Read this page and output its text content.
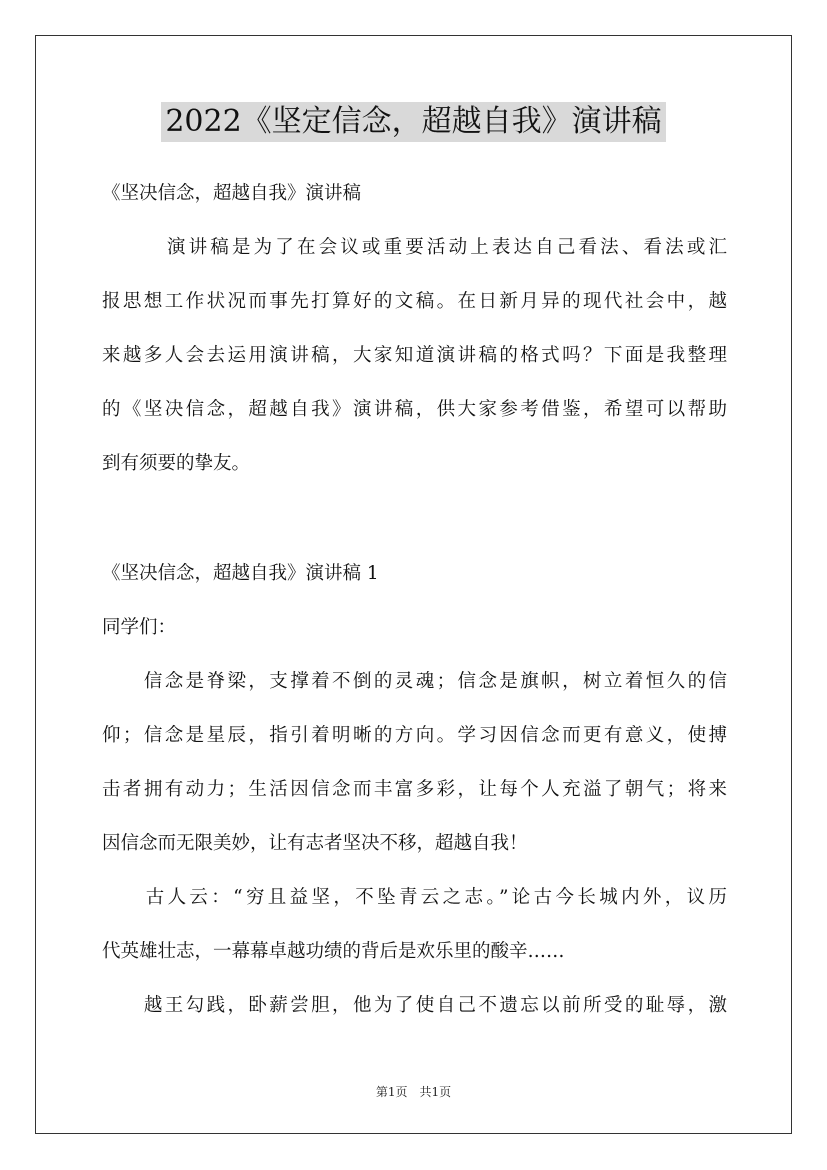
2022《坚定信念，超越自我》演讲稿
《坚决信念，超越自我》演讲稿
　　　演讲稿是为了在会议或重要活动上表达自己看法、看法或汇
报思想工作状况而事先打算好的文稿。在日新月异的现代社会中，越
来越多人会去运用演讲稿，大家知道演讲稿的格式吗？下面是我整理
的《坚决信念，超越自我》演讲稿，供大家参考借鉴，希望可以帮助
到有须要的挚友。
《坚决信念，超越自我》演讲稿 1
同学们：
　　信念是脊梁，支撑着不倒的灵魂；信念是旗帜，树立着恒久的信
仰；信念是星辰，指引着明晰的方向。学习因信念而更有意义，使搏
击者拥有动力；生活因信念而丰富多彩，让每个人充溢了朝气；将来
因信念而无限美妙，让有志者坚决不移，超越自我！
　　古人云：“穷且益坚，不坠青云之志。”论古今长城内外，议历
代英雄壮志，一幕幕卓越功绩的背后是欢乐里的酸辛……
　　越王勾践，卧薪尝胆，他为了使自己不遗忘以前所受的耻辱，激
第1页　共1页
